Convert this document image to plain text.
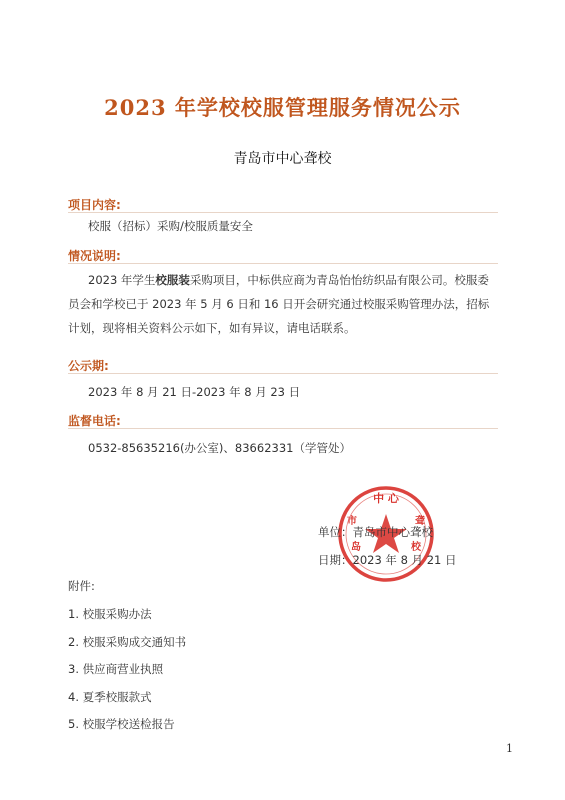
2023 年学校校服管理服务情况公示
青岛市中心聋校
项目内容:
校服（招标）采购/校服质量安全
情况说明:
2023 年学生校服装采购项目，中标供应商为青岛怡怡纺织品有限公司。校服委员会和学校已于 2023 年 5 月 6 日和 16 日开会研究通过校服采购管理办法，招标计划，现将相关资料公示如下，如有异议，请电话联系。
公示期:
2023 年 8 月 21 日-2023 年 8 月 23 日
监督电话:
0532-85635216(办公室)、83662331（学管处）
中 心
市	聋
岛	校
单位：青岛市中心聋校
日期：2023 年 8 月 21 日
附件:
1. 校服采购办法
2. 校服采购成交通知书
3. 供应商营业执照
4. 夏季校服款式
5. 校服学校送检报告
1
